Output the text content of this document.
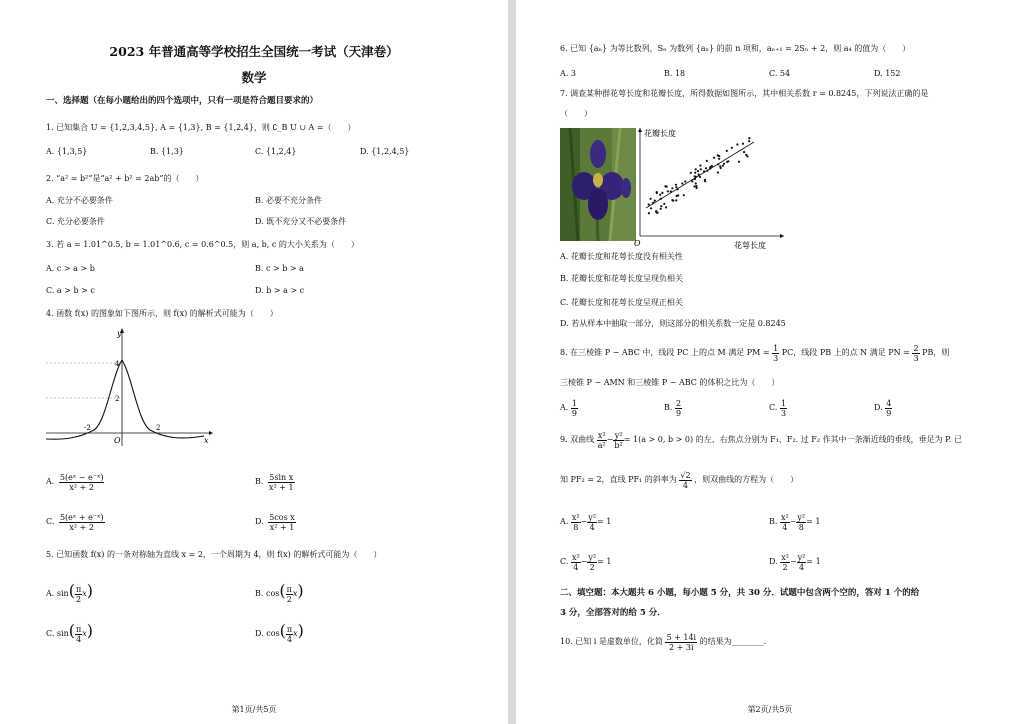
2023 年普通高等学校招生全国统一考试（天津卷）
数学
一、选择题（在每小题给出的四个选项中，只有一项是符合题目要求的）
1. 已知集合 U = {1,2,3,4,5}, A = {1,3}, B = {1,2,4}，则 ∁_B U ∪ A =（　　）
A. {1,3,5}	B. {1,3}	C. {1,2,4}	D. {1,2,4,5}
2. “a² = b²”是“a² + b² = 2ab”的（　　）
A. 充分不必要条件	B. 必要不充分条件
C. 充分必要条件	D. 既不充分又不必要条件
3. 若 a = 1.01^0.5, b = 1.01^0.6, c = 0.6^0.5，则 a, b, c 的大小关系为（　　）
A. c > a > b	B. c > b > a
C. a > b > c	D. b > a > c
4. 函数 f(x) 的图象如下图所示，则 f(x) 的解析式可能为（　　）
y
x
O
4
2
-2	2
A. $\frac{\text{5(eˣ − e⁻ˣ)}}{\text{x² + 2}}$	B. $\frac{\text{5sin x}}{\text{x² + 1}}$
C. $\frac{\text{5(eˣ + e⁻ˣ)}}{\text{x² + 2}}$	D. $\frac{\text{5cos x}}{\text{x² + 1}}$
5. 已知函数 f(x) 的一条对称轴为直线 x = 2，一个周期为 4，则 f(x) 的解析式可能为（　　）
A. $\sin( \frac{\pi}{2} x)$	B. $\cos( \frac{\pi}{2} x)$
C. $\sin( \frac{\pi}{4} x)$	D. $\cos( \frac{\pi}{4} x)$
第1页/共5页
6. 已知 {aₙ} 为等比数列，Sₙ 为数列 {aₙ} 的前 n 项和，aₙ₊₁ = 2Sₙ + 2，则 a₄ 的值为（　　）
A. 3	B. 18	C. 54	D. 152
7. 调查某种群花萼长度和花瓣长度，所得数据如图所示，其中相关系数 r = 0.8245，下列说法正确的是
（　　）
花瓣长度
花萼长度
O
A. 花瓣长度和花萼长度没有相关性
B. 花瓣长度和花萼长度呈现负相关
C. 花瓣长度和花萼长度呈现正相关
D. 若从样本中抽取一部分，则这部分的相关系数一定是 0.8245
8. 在三棱锥 P − ABC 中，线段 PC 上的点 M 满足 PM = $\frac{1}{3}$ PC，线段 PB 上的点 N 满足 PN = $\frac{2}{3}$ PB，则
三棱锥 P − AMN 和三棱锥 P − ABC 的体积之比为（　　）
A. $\frac{1}{9}$	B. $\frac{2}{9}$	C. $\frac{1}{3}$	D. $\frac{4}{9}$
9. 双曲线 $\frac{\text{x²}}{\text{a²}} - \frac{\text{y²}}{\text{b²}} = 1(a > 0$, b > 0) 的左、右焦点分别为 F₁、F₂. 过 F₂ 作其中一条渐近线的垂线，垂足为 P. 已
知 PF₂ = 2，直线 PF₁ 的斜率为 $\frac{√2}{4}$ ，则双曲线的方程为（　　）
A. $\frac{\text{x²}}{8} - \frac{\text{y²}}{4} = 1$	B. $\frac{\text{x²}}{4} - \frac{\text{y²}}{8} = 1$
C. $\frac{\text{x²}}{4} - \frac{\text{y²}}{2} = 1$	D. $\frac{\text{x²}}{2} - \frac{\text{y²}}{4} = 1$
二、填空题：本大题共 6 小题，每小题 5 分，共 30 分．试题中包含两个空的，答对 1 个的给
3 分，全部答对的给 5 分．
10. 已知 i 是虚数单位，化简 $\frac{5 + 14i}{2 + 3i}$ 的结果为________.
第2页/共5页
